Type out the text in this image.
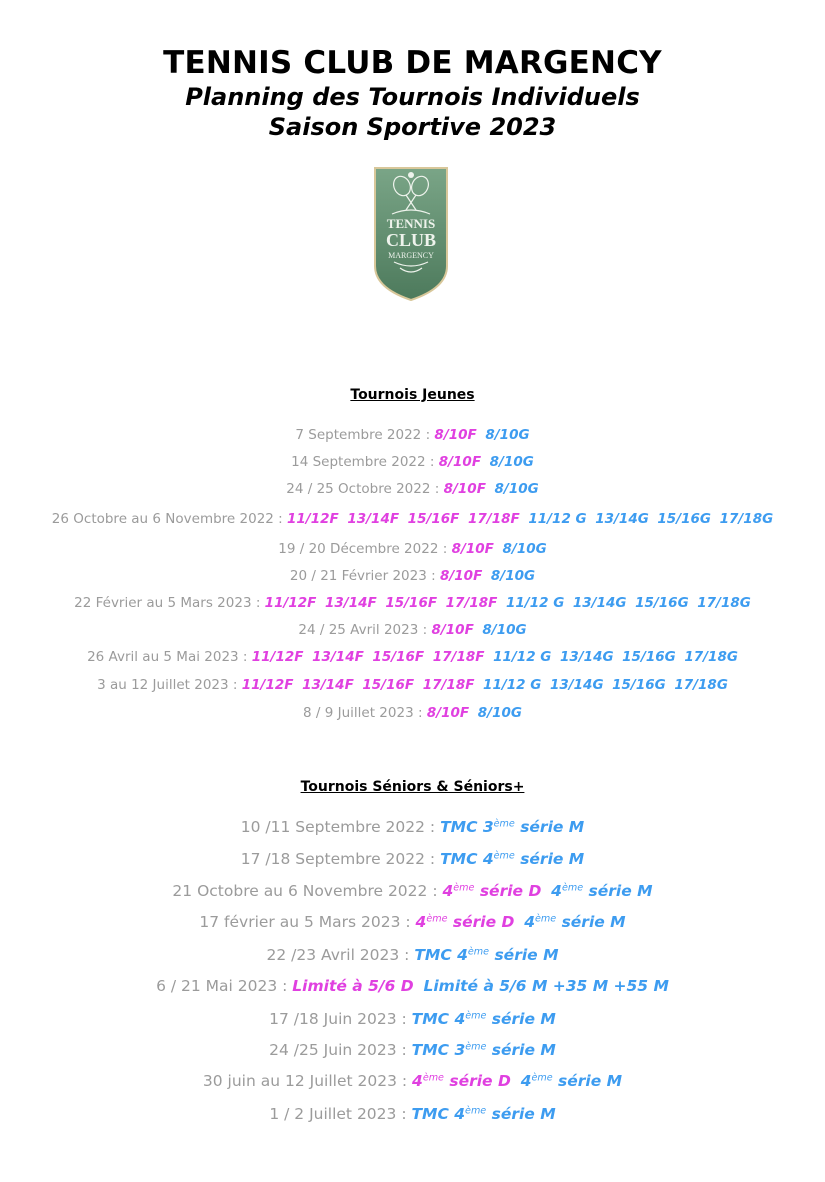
TENNIS CLUB DE MARGENCY
Planning des Tournois Individuels
Saison Sportive 2023
TENNIS
CLUB
MARGENCY
Tournois Jeunes
7 Septembre 2022 : 8/10F 8/10G
14 Septembre 2022 : 8/10F 8/10G
24 / 25 Octobre 2022 : 8/10F 8/10G
26 Octobre au 6 Novembre 2022 : 11/12F 13/14F 15/16F 17/18F 11/12 G 13/14G 15/16G 17/18G
19 / 20 Décembre 2022 : 8/10F 8/10G
20 / 21 Février 2023 : 8/10F 8/10G
22 Février au 5 Mars 2023 : 11/12F 13/14F 15/16F 17/18F 11/12 G 13/14G 15/16G 17/18G
24 / 25 Avril 2023 : 8/10F 8/10G
26 Avril au 5 Mai 2023 : 11/12F 13/14F 15/16F 17/18F 11/12 G 13/14G 15/16G 17/18G
3 au 12 Juillet 2023 : 11/12F 13/14F 15/16F 17/18F 11/12 G 13/14G 15/16G 17/18G
8 / 9 Juillet 2023 : 8/10F 8/10G
Tournois Séniors & Séniors+
10 /11 Septembre 2022 : TMC 3ème série M
17 /18 Septembre 2022 : TMC 4ème série M
21 Octobre au 6 Novembre 2022 : 4ème série D 4ème série M
17 février au 5 Mars 2023 : 4ème série D 4ème série M
22 /23 Avril 2023 : TMC 4ème série M
6 / 21 Mai 2023 : Limité à 5/6 D Limité à 5/6 M +35 M +55 M
17 /18 Juin 2023 : TMC 4ème série M
24 /25 Juin 2023 : TMC 3ème série M
30 juin au 12 Juillet 2023 : 4ème série D 4ème série M
1 / 2 Juillet 2023 : TMC 4ème série M
